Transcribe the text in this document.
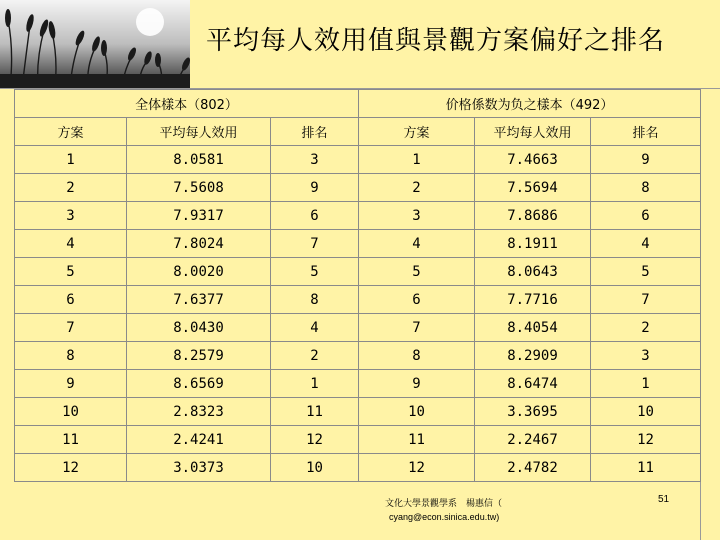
平均每人效用值與景觀方案偏好之排名
全体樣本（802）			价格係数为负之樣本（492）		
方案	平均每人效用	排名	方案	平均每人效用	排名
1	8.0581	3	1	7.4663	9
2	7.5608	9	2	7.5694	8
3	7.9317	6	3	7.8686	6
4	7.8024	7	4	8.1911	4
5	8.0020	5	5	8.0643	5
6	7.6377	8	6	7.7716	7
7	8.0430	4	7	8.4054	2
8	8.2579	2	8	8.2909	3
9	8.6569	1	9	8.6474	1
10	2.8323	11	10	3.3695	10
11	2.4241	12	11	2.2467	12
12	3.0373	10	12	2.4782	11
文化大學景觀學系　楊惠信（
cyang@econ.sinica.edu.tw)
51
